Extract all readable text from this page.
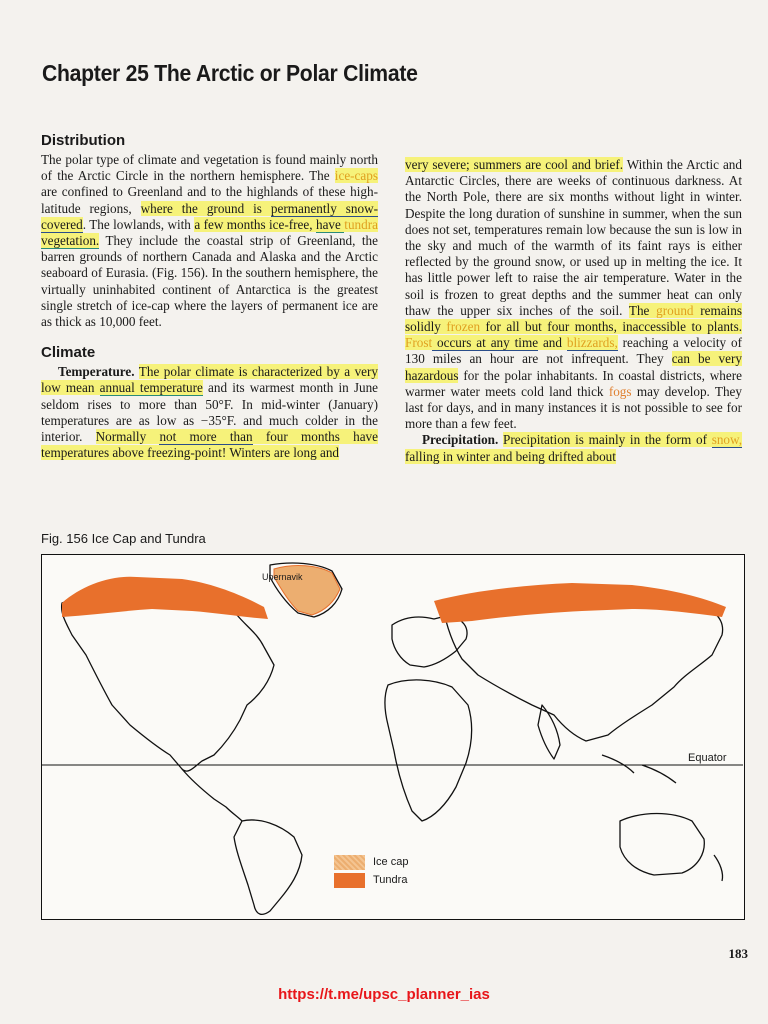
Chapter 25 The Arctic or Polar Climate
Distribution

The polar type of climate and vegetation is found mainly north of the Arctic Circle in the northern hemisphere. The ice-caps are confined to Greenland and to the highlands of these high-latitude regions, where the ground is permanently snow-covered. The lowlands, with a few months ice-free, have tundra vegetation. They include the coastal strip of Greenland, the barren grounds of northern Canada and Alaska and the Arctic seaboard of Eurasia. (Fig. 156). In the southern hemisphere, the virtually uninhabited continent of Antarctica is the greatest single stretch of ice-cap where the layers of permanent ice are as thick as 10,000 feet.

Climate

Temperature. The polar climate is characterized by a very low mean annual temperature and its warmest month in June seldom rises to more than 50°F. In mid-winter (January) temperatures are as low as −35°F. and much colder in the interior. Normally not more than four months have temperatures above freezing-point! Winters are long and

very severe; summers are cool and brief. Within the Arctic and Antarctic Circles, there are weeks of continuous darkness. At the North Pole, there are six months without light in winter. Despite the long duration of sunshine in summer, when the sun does not set, temperatures remain low because the sun is low in the sky and much of the warmth of its faint rays is either reflected by the ground snow, or used up in melting the ice. It has little power left to raise the air temperature. Water in the soil is frozen to great depths and the summer heat can only thaw the upper six inches of the soil. The ground remains solidly frozen for all but four months, inaccessible to plants. Frost occurs at any time and blizzards, reaching a velocity of 130 miles an hour are not infrequent. They can be very hazardous for the polar inhabitants. In coastal districts, where warmer water meets cold land thick fogs may develop. They last for days, and in many instances it is not possible to see for more than a few feet.

Precipitation. Precipitation is mainly in the form of snow, falling in winter and being drifted about

Fig. 156 Ice Cap and Tundra

Upernavik
Equator
Ice cap
Tundra
183
https://t.me/upsc_planner_ias
